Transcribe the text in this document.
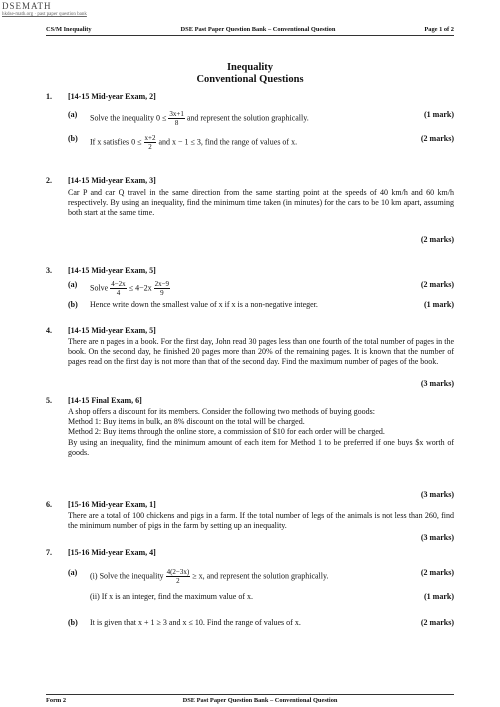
DSEMATH
hkdse-math.org · past paper question bank
CS/M Inequality	DSE Past Paper Question Bank – Conventional Question	Page 1 of 2
Inequality
Conventional Questions
1. [14-15 Mid-year Exam, 2]
(a) Solve the inequality $0 \le \frac{3x+1}{8}$ and represent the solution graphically.	(1 mark)
(b) If x satisfies $0 \le \frac{x+2}{2}$ and x − 1 ≤ 3, find the range of values of x.	(2 marks)
2. [14-15 Mid-year Exam, 3]
Car P and car Q travel in the same direction from the same starting point at the speeds of 40 km/h and 60 km/h respectively. By using an inequality, find the minimum time taken (in minutes) for the cars to be 10 km apart, assuming both start at the same time.
(2 marks)
3. [14-15 Mid-year Exam, 5]
(a) Solve $\frac{4-2x}{4} \le 4-2x \frac{2x-9}{9}$	(2 marks)
(b) Hence write down the smallest value of x if x is a non-negative integer.	(1 mark)
4. [14-15 Mid-year Exam, 5]
There are n pages in a book. For the first day, John read 30 pages less than one fourth of the total number of pages in the book. On the second day, he finished 20 pages more than 20% of the remaining pages. It is known that the number of pages read on the first day is not more than that of the second day. Find the maximum number of pages of the book.
(3 marks)
5. [14-15 Final Exam, 6]
A shop offers a discount for its members. Consider the following two methods of buying goods:
Method 1: Buy items in bulk, an 8% discount on the total will be charged.
Method 2: Buy items through the online store, a commission of $10 for each order will be charged.
By using an inequality, find the minimum amount of each item for Method 1 to be preferred if one buys $x worth of goods.
(3 marks)
6. [15-16 Mid-year Exam, 1]
There are a total of 100 chickens and pigs in a farm. If the total number of legs of the animals is not less than 260, find the minimum number of pigs in the farm by setting up an inequality.
(3 marks)
7. [15-16 Mid-year Exam, 4]
(a) (i) Solve the inequality $\frac{4(2-3x)}{2} \ge x$, and represent the solution graphically.	(2 marks)
(ii) If x is an integer, find the maximum value of x.	(1 mark)
(b) It is given that x + 1 ≥ 3 and x ≤ 10. Find the range of values of x.	(2 marks)
Form 2	DSE Past Paper Question Bank – Conventional Question
